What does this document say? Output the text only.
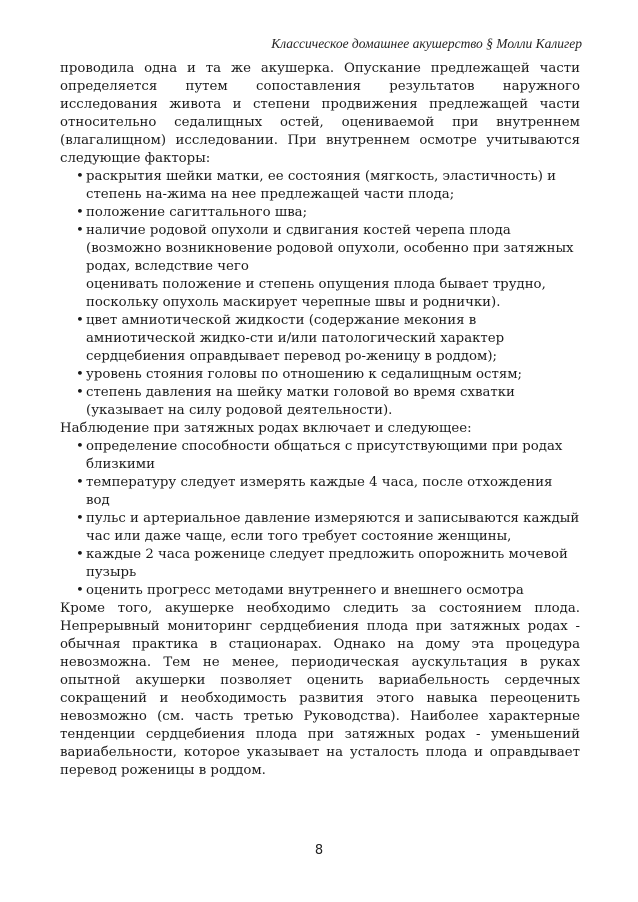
Классическое домашнее акушерство § Молли Калигер

проводила одна и та же акушерка. Опускание предлежащей части определяется путем сопоставления результатов наружного исследования живота и степени продвижения предлежащей части относительно седалищных остей, оцениваемой при внутреннем (влагалищном) исследовании. При внутреннем осмотре учитываются следующие факторы:

• раскрытия шейки матки, ее состояния (мягкость, эластичность) и степень на-жима на нее предлежащей части плода;
• положение сагиттального шва;
• наличие родовой опухоли и сдвигания костей черепа плода (возможно возникновение родовой опухоли, особенно при затяжных родах, вследствие чего

оценивать положение и степень опущения плода бывает трудно, поскольку опухоль маскирует черепные швы и роднички).

• цвет амниотической жидкости (содержание мекония в амниотической жидко-сти и/или патологический характер сердцебиения оправдывает перевод ро-женицу в роддом);
• уровень стояния головы по отношению к седалищным остям;
• степень давления на шейку матки головой во время схватки (указывает на силу родовой деятельности).

Наблюдение при затяжных родах включает и следующее:

• определение способности общаться с присутствующими при родах близкими
• температуру следует измерять каждые 4 часа, после отхождения вод
• пульс и артериальное давление измеряются и записываются каждый час или даже чаще, если того требует состояние женщины,
• каждые 2 часа роженице следует предложить опорожнить мочевой пузырь
• оценить прогресс методами внутреннего и внешнего осмотра

Кроме того, акушерке необходимо следить за состоянием плода. Непрерывный мониторинг сердцебиения плода при затяжных родах - обычная практика в стационарах. Однако на дому эта процедура невозможна. Тем не менее, периодическая аускультация в руках опытной акушерки позволяет оценить вариабельность сердечных сокращений и необходимость развития этого навыка переоценить невозможно (см. часть третью Руководства). Наиболее характерные тенденции сердцебиения плода при затяжных родах - уменьшений вариабельности, которое указывает на усталость плода и оправдывает перевод роженицы в роддом.

8
